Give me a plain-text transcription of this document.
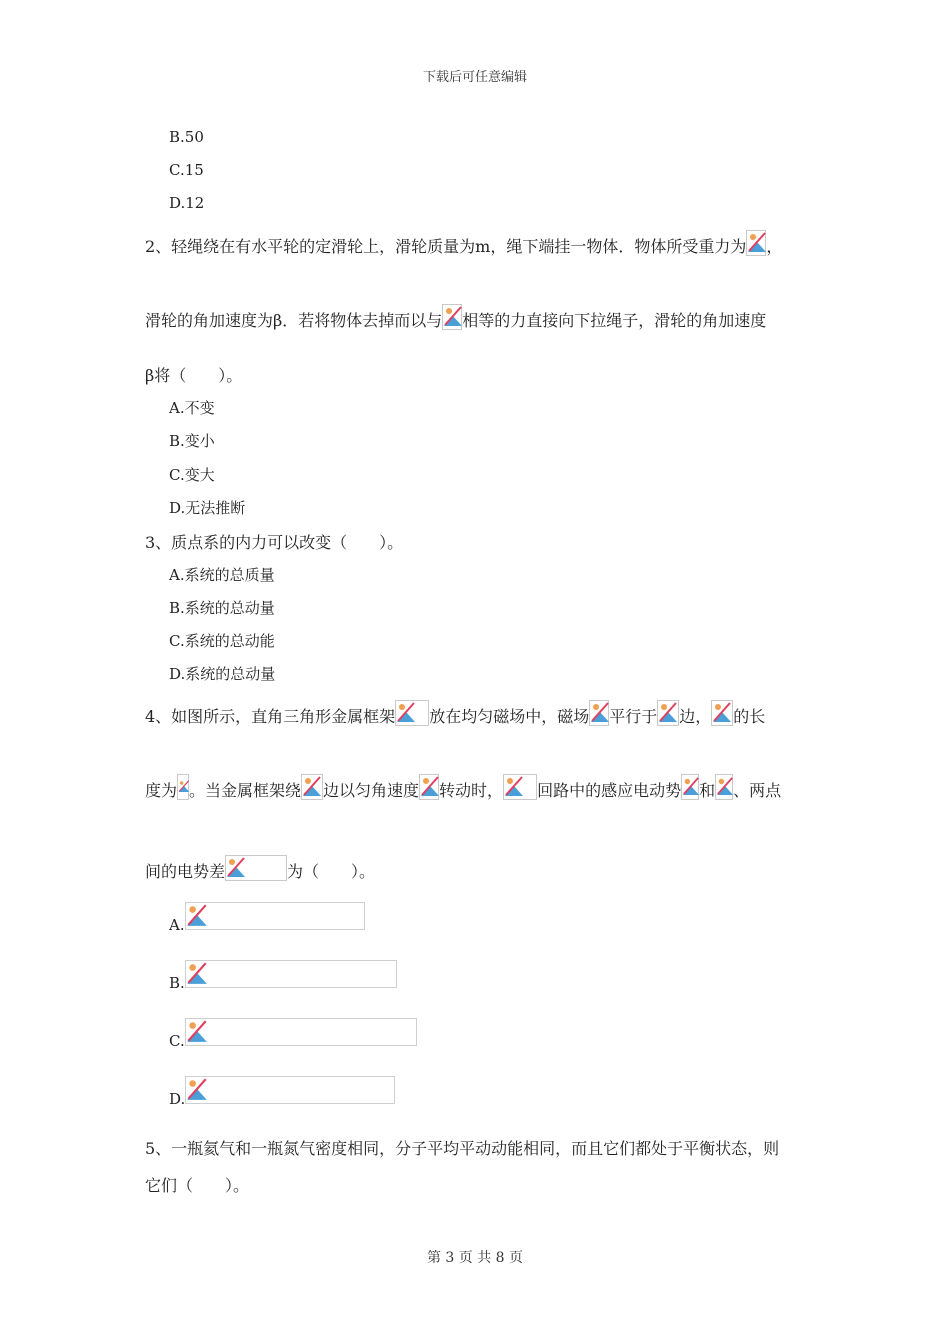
下载后可任意编辑
B.50
C.15
D.12
2、轻绳绕在有水平轮的定滑轮上，滑轮质量为m，绳下端挂一物体．物体所受重力为 ，
滑轮的角加速度为β．若将物体去掉而以与 相等的力直接向下拉绳子，滑轮的角加速度
β将（　　）。
A.不变
B.变小
C.变大
D.无法推断
3、质点系的内力可以改变（　　）。
A.系统的总质量
B.系统的总动量
C.系统的总动能
D.系统的总动量
4、如图所示，直角三角形金属框架 放在均匀磁场中，磁场 平行于 边， 的长
度为 。当金属框架绕 边以匀角速度 转动时， 回路中的感应电动势 和 、两点
间的电势差	为（　　）。
A.
B.
C.
D.
5、一瓶氦气和一瓶氮气密度相同，分子平均平动动能相同，而且它们都处于平衡状态，则
它们（　　）。
第 3 页 共 8 页
